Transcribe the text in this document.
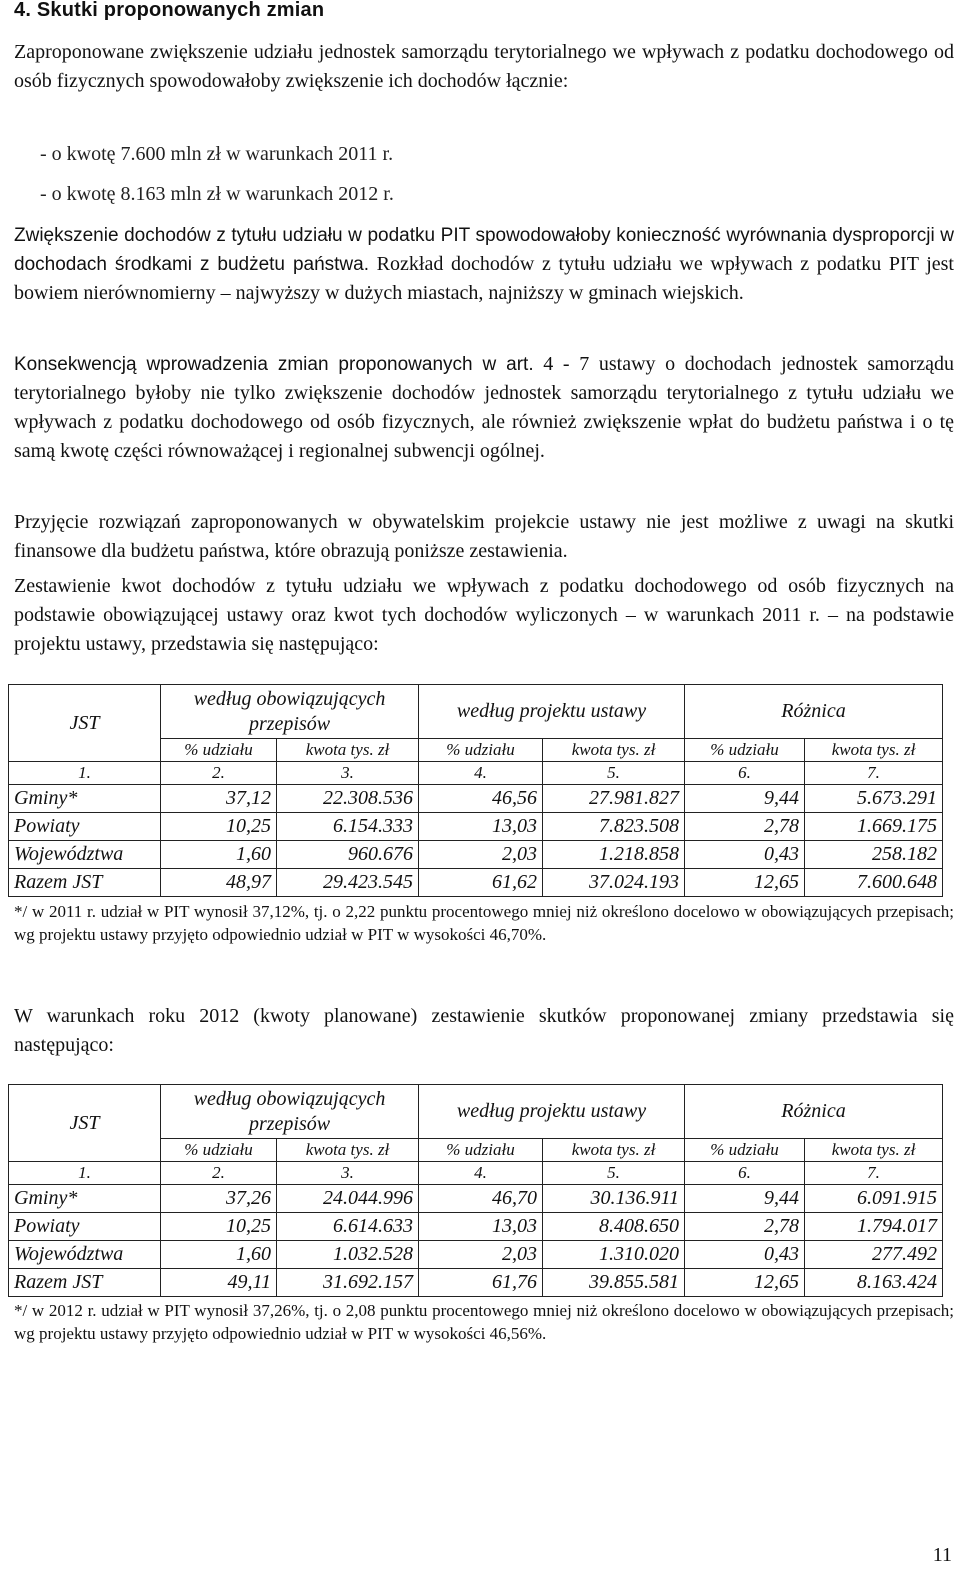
4. Skutki proponowanych zmian
Zaproponowane zwiększenie udziału jednostek samorządu terytorialnego we wpływach z podatku dochodowego od osób fizycznych spowodowałoby zwiększenie ich dochodów łącznie:
- o kwotę 7.600 mln zł w warunkach 2011 r.
- o kwotę 8.163 mln zł w warunkach 2012 r.
Zwiększenie dochodów z tytułu udziału w podatku PIT spowodowałoby konieczność wyrównania dysproporcji w dochodach środkami z budżetu państwa. Rozkład dochodów z tytułu udziału we wpływach z podatku PIT jest bowiem nierównomierny – najwyższy w dużych miastach, najniższy w gminach wiejskich.
Konsekwencją wprowadzenia zmian proponowanych w art. 4 - 7 ustawy o dochodach jednostek samorządu terytorialnego byłoby nie tylko zwiększenie dochodów jednostek samorządu terytorialnego z tytułu udziału we wpływach z podatku dochodowego od osób fizycznych, ale również zwiększenie wpłat do budżetu państwa i o tę samą kwotę części równoważącej i regionalnej subwencji ogólnej.
Przyjęcie rozwiązań zaproponowanych w obywatelskim projekcie ustawy nie jest możliwe z uwagi na skutki finansowe dla budżetu państwa, które obrazują poniższe zestawienia.
Zestawienie kwot dochodów z tytułu udziału we wpływach z podatku dochodowego od osób fizycznych na podstawie obowiązującej ustawy oraz kwot tych dochodów wyliczonych – w warunkach 2011 r. – na podstawie projektu ustawy, przedstawia się następująco:
JST	według obowiązujących przepisów		według projektu ustawy		Różnica	
	% udziału	kwota tys. zł	% udziału	kwota tys. zł	% udziału	kwota tys. zł
1.	2.	3.	4.	5.	6.	7.
Gminy*	37,12	22.308.536	46,56	27.981.827	9,44	5.673.291
Powiaty	10,25	6.154.333	13,03	7.823.508	2,78	1.669.175
Województwa	1,60	960.676	2,03	1.218.858	0,43	258.182
Razem JST	48,97	29.423.545	61,62	37.024.193	12,65	7.600.648
*/ w 2011 r. udział w PIT wynosił 37,12%, tj. o 2,22 punktu procentowego mniej niż określono docelowo w obowiązujących przepisach; wg projektu ustawy przyjęto odpowiednio udział w PIT w wysokości 46,70%.
W warunkach roku 2012 (kwoty planowane) zestawienie skutków proponowanej zmiany przedstawia się następująco:
JST	według obowiązujących przepisów		według projektu ustawy		Różnica	
	% udziału	kwota tys. zł	% udziału	kwota tys. zł	% udziału	kwota tys. zł
1.	2.	3.	4.	5.	6.	7.
Gminy*	37,26	24.044.996	46,70	30.136.911	9,44	6.091.915
Powiaty	10,25	6.614.633	13,03	8.408.650	2,78	1.794.017
Województwa	1,60	1.032.528	2,03	1.310.020	0,43	277.492
Razem JST	49,11	31.692.157	61,76	39.855.581	12,65	8.163.424
*/ w 2012 r. udział w PIT wynosił 37,26%, tj. o 2,08 punktu procentowego mniej niż określono docelowo w obowiązujących przepisach; wg projektu ustawy przyjęto odpowiednio udział w PIT w wysokości 46,56%.
11
